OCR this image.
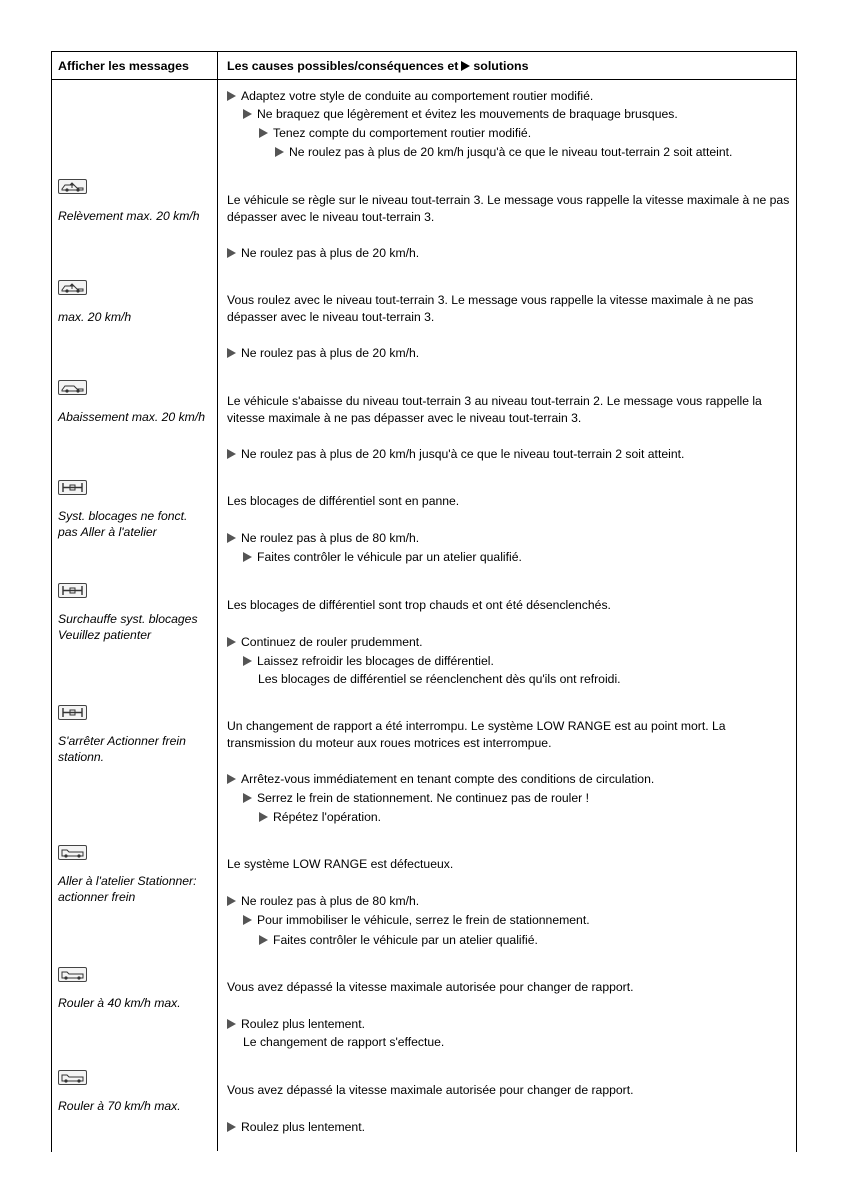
Afficher les messages	Les causes possibles/conséquences et solutions
Adaptez votre style de conduite au comportement routier modifié.
Ne braquez que légèrement et évitez les mouvements de braquage brusques.
Tenez compte du comportement routier modifié.
Ne roulez pas à plus de 20 km/h jusqu'à ce que le niveau tout-terrain 2 soit atteint.
Relèvement max. 20 km/h
Le véhicule se règle sur le niveau tout-terrain 3. Le message vous rappelle la vitesse maximale à ne pas dépasser avec le niveau tout-terrain 3.
Ne roulez pas à plus de 20 km/h.
max. 20 km/h
Vous roulez avec le niveau tout-terrain 3. Le message vous rappelle la vitesse maximale à ne pas dépasser avec le niveau tout-terrain 3.
Ne roulez pas à plus de 20 km/h.
Abaissement max. 20 km/h
Le véhicule s'abaisse du niveau tout-terrain 3 au niveau tout-terrain 2. Le message vous rappelle la vitesse maximale à ne pas dépasser avec le niveau tout-terrain 3.
Ne roulez pas à plus de 20 km/h jusqu'à ce que le niveau tout-terrain 2 soit atteint.
Syst. blocages ne fonct. pas Aller à l'atelier
Les blocages de différentiel sont en panne.
Ne roulez pas à plus de 80 km/h.
Faites contrôler le véhicule par un atelier qualifié.
Surchauffe syst. blocages Veuillez patienter
Les blocages de différentiel sont trop chauds et ont été désenclenchés.
Continuez de rouler prudemment.
Laissez refroidir les blocages de différentiel.
Les blocages de différentiel se réenclenchent dès qu'ils ont refroidi.
S'arrêter Actionner frein stationn.
Un changement de rapport a été interrompu. Le système LOW RANGE est au point mort. La transmission du moteur aux roues motrices est interrompue.
Arrêtez-vous immédiatement en tenant compte des conditions de circulation.
Serrez le frein de stationnement. Ne continuez pas de rouler !
Répétez l'opération.
Aller à l'atelier Stationner: actionner frein
Le système LOW RANGE est défectueux.
Ne roulez pas à plus de 80 km/h.
Pour immobiliser le véhicule, serrez le frein de stationnement.
Faites contrôler le véhicule par un atelier qualifié.
Rouler à 40 km/h max.
Vous avez dépassé la vitesse maximale autorisée pour changer de rapport.
Roulez plus lentement.
Le changement de rapport s'effectue.
Rouler à 70 km/h max.
Vous avez dépassé la vitesse maximale autorisée pour changer de rapport.
Roulez plus lentement.
